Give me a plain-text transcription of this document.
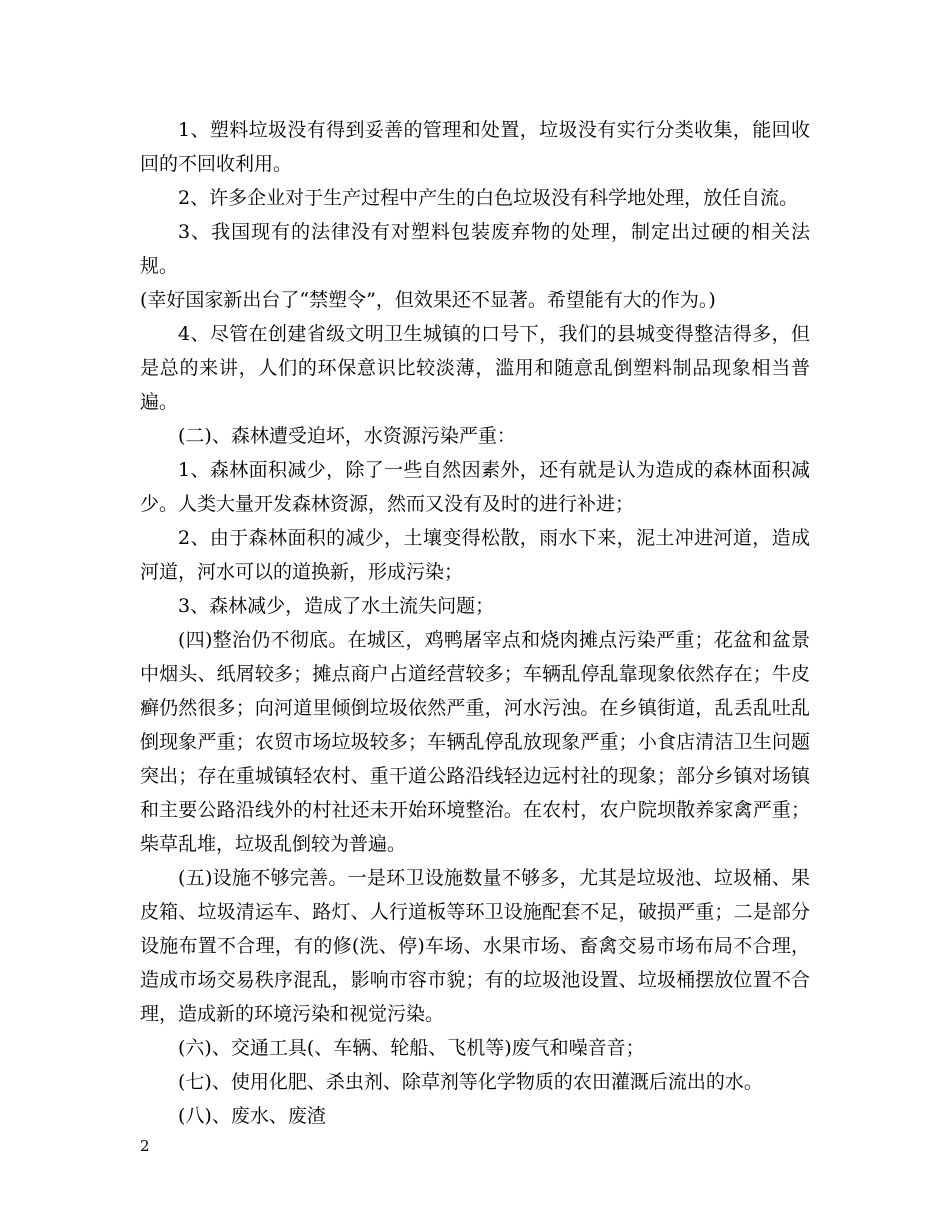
1、塑料垃圾没有得到妥善的管理和处置，垃圾没有实行分类收集，能回收回的不回收利用。

2、许多企业对于生产过程中产生的白色垃圾没有科学地处理，放任自流。

3、我国现有的法律没有对塑料包装废弃物的处理，制定出过硬的相关法规。

(幸好国家新出台了“禁塑令”，但效果还不显著。希望能有大的作为。)

4、尽管在创建省级文明卫生城镇的口号下，我们的县城变得整洁得多，但是总的来讲，人们的环保意识比较淡薄，滥用和随意乱倒塑料制品现象相当普遍。

(二)、森林遭受迫坏，水资源污染严重：

1、森林面积减少，除了一些自然因素外，还有就是认为造成的森林面积减少。人类大量开发森林资源，然而又没有及时的进行补进；

2、由于森林面积的减少，土壤变得松散，雨水下来，泥土冲进河道，造成河道，河水可以的道换新，形成污染；

3、森林减少，造成了水土流失问题；

(四)整治仍不彻底。在城区，鸡鸭屠宰点和烧肉摊点污染严重；花盆和盆景中烟头、纸屑较多；摊点商户占道经营较多；车辆乱停乱靠现象依然存在；牛皮癣仍然很多；向河道里倾倒垃圾依然严重，河水污浊。在乡镇街道，乱丢乱吐乱倒现象严重；农贸市场垃圾较多；车辆乱停乱放现象严重；小食店清洁卫生问题突出；存在重城镇轻农村、重干道公路沿线轻边远村社的现象；部分乡镇对场镇和主要公路沿线外的村社还未开始环境整治。在农村，农户院坝散养家禽严重；柴草乱堆，垃圾乱倒较为普遍。

(五)设施不够完善。一是环卫设施数量不够多，尤其是垃圾池、垃圾桶、果皮箱、垃圾清运车、路灯、人行道板等环卫设施配套不足，破损严重；二是部分设施布置不合理，有的修(洗、停)车场、水果市场、畜禽交易市场布局不合理，造成市场交易秩序混乱，影响市容市貌；有的垃圾池设置、垃圾桶摆放位置不合理，造成新的环境污染和视觉污染。

(六)、交通工具(、车辆、轮船、飞机等)废气和噪音音；

(七)、使用化肥、杀虫剂、除草剂等化学物质的农田灌溉后流出的水。

(八)、废水、废渣

2
